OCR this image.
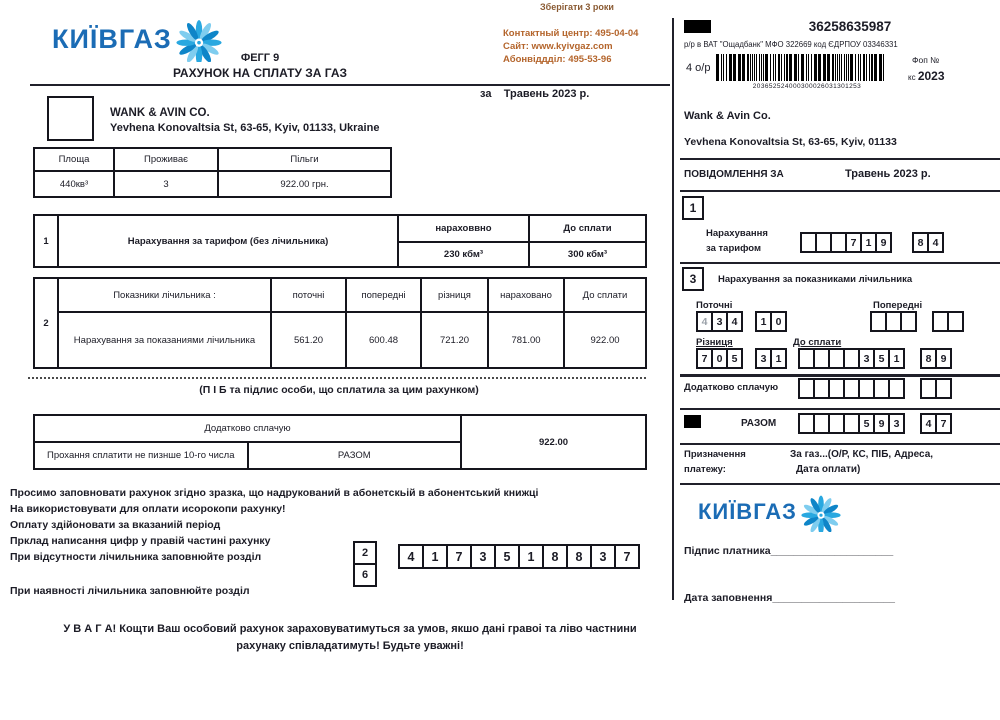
КИЇВГАЗ
Зберігати 3 роки
Контактный центр: 495-04-04
Сайт: www.kyivgaz.com
Абонвіддділ: 495-53-96
ФЕГГ 9
РАХУНОК НА СПЛАТУ ЗА ГАЗ
за Травень 2023 р.
WANK & AVIN CO.
Yevhena Konovaltsia St, 63-65, Kyiv, 01133, Ukraine
Площа	Проживає	Пільги
440кв³	3	922.00 грн.
1	Нарахування за тарифом (без лічильника)	нараховвно	До сплати
		230 кбм³	300 кбм³
2	Показники лічильника :	поточні	попередні	різниця	нараховано	До сплати
	Нарахування за показаниями лічильника	561.20	600.48	721.20	781.00	922.00
(П І Б та підлис особи, що сплатила за цим рахунком)
Додатково сплачую		922.00
Прохання сплатити не пизнше 10-го числа	РАЗОМ	
Просимо заповновати рахунок згідно зразка, що надрукований в абонетскьій в абонентський книжці
На використовувати для оплати исорокопи рахунку!
Оплату здійоновати за вказаниій період
Прклад написання цифр у правій частині рахунку
При відсутности лічильника заповнюйте розділ
При наявності лічильника заповнюйте розділ
2
6
4	1	7	3	5	1	8	8	3	7
У В А Г А! Кощти Ваш особовий рахунок зараховуватимуться за умов, якшо дані гравоі та ліво частнини
рахунаку співладатимуть! Будьте уважні!
36258635987
р/р в ВАТ "Ощадбанк" МФО 322669 код ЄДРПОУ 03346331
4 о/р
203652524000300026031301253
Фоп №
кс 2023
Wank & Avin Co.
Yevhena Konovaltsia St, 63-65, Kyiv, 01133
ПОВІДОМЛЕННЯ ЗА	Травень 2023 р.
1
Нарахування
за тарифом	7 1 9	8 4
3	Нарахування за показниками лічильника
Поточні
4 3 4	1 0
Попередні
Різниця
7 0 5	3 1
До сплати
3 5 1	8 9
Додатково сплачую
РАЗОМ	5 9 3	4 7
Призначення
платежу:
За газ...(О/Р, КС, ПІБ, Адреса,
Дата оплати)
КИЇВГАЗ
Підпис платника_____________________
Дата заповнення_____________________
